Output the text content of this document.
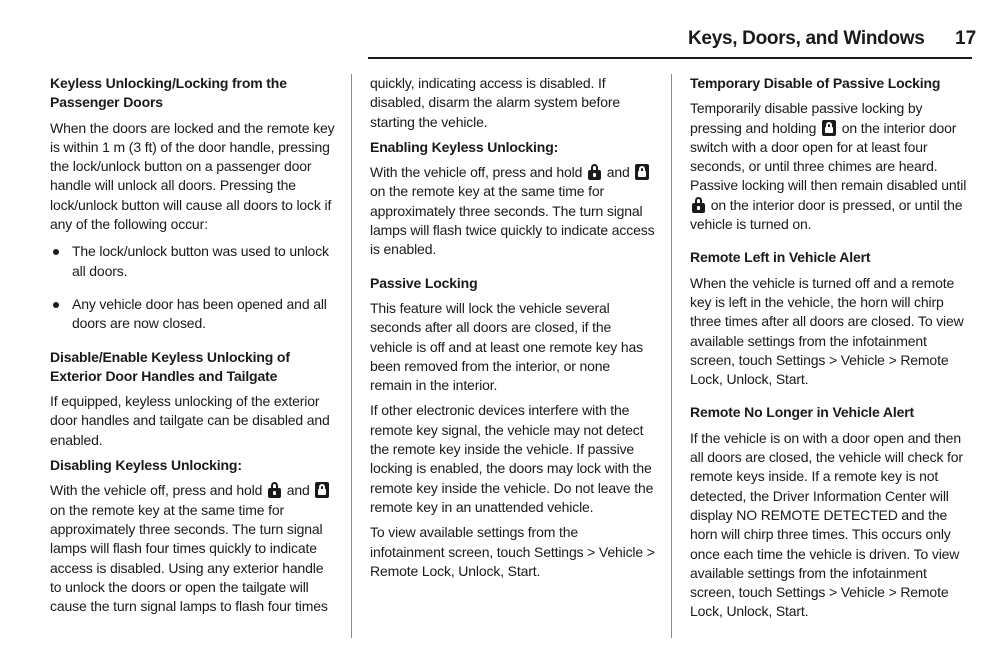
Keys, Doors, and Windows 17
Keyless Unlocking/Locking from the Passenger Doors
When the doors are locked and the remote key is within 1 m (3 ft) of the door handle, pressing the lock/unlock button on a passenger door handle will unlock all doors. Pressing the lock/unlock button will cause all doors to lock if any of the following occur:
The lock/unlock button was used to unlock all doors.
Any vehicle door has been opened and all doors are now closed.
Disable/Enable Keyless Unlocking of Exterior Door Handles and Tailgate
If equipped, keyless unlocking of the exterior door handles and tailgate can be disabled and enabled.
Disabling Keyless Unlocking:
With the vehicle off, press and hold and
on the remote key at the same time for approximately three seconds. The turn signal lamps will flash four times quickly to indicate access is disabled. Using any exterior handle to unlock the doors or open the tailgate will cause the turn signal lamps to flash four times
quickly, indicating access is disabled. If disabled, disarm the alarm system before starting the vehicle.
Enabling Keyless Unlocking:
With the vehicle off, press and hold and
on the remote key at the same time for approximately three seconds. The turn signal lamps will flash twice quickly to indicate access is enabled.
Passive Locking
This feature will lock the vehicle several seconds after all doors are closed, if the vehicle is off and at least one remote key has been removed from the interior, or none remain in the interior.
If other electronic devices interfere with the remote key signal, the vehicle may not detect the remote key inside the vehicle. If passive locking is enabled, the doors may lock with the remote key inside the vehicle. Do not leave the remote key in an unattended vehicle.
To view available settings from the infotainment screen, touch Settings > Vehicle > Remote Lock, Unlock, Start.
Temporary Disable of Passive Locking
Temporarily disable passive locking by pressing and holding on the interior door switch with a door open for at least four seconds, or until three chimes are heard. Passive locking will then remain disabled until
on the interior door is pressed, or until the vehicle is turned on.
Remote Left in Vehicle Alert
When the vehicle is turned off and a remote key is left in the vehicle, the horn will chirp three times after all doors are closed. To view available settings from the infotainment screen, touch Settings > Vehicle > Remote Lock, Unlock, Start.
Remote No Longer in Vehicle Alert
If the vehicle is on with a door open and then all doors are closed, the vehicle will check for remote keys inside. If a remote key is not detected, the Driver Information Center will display NO REMOTE DETECTED and the horn will chirp three times. This occurs only once each time the vehicle is driven. To view available settings from the infotainment screen, touch Settings > Vehicle > Remote Lock, Unlock, Start.
